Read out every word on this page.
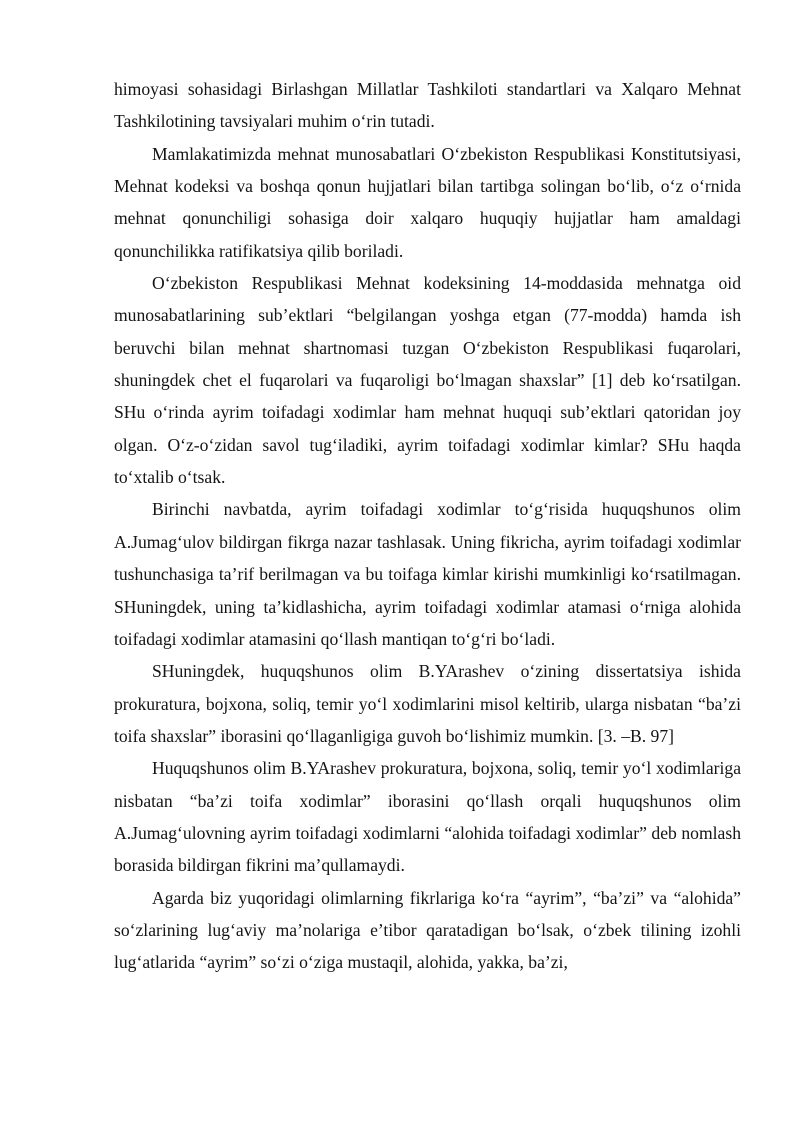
himoyasi sohasidagi Birlashgan Millatlar Tashkiloti standartlari va Xalqaro Mehnat Tashkilotining tavsiyalari muhim o‘rin tutadi.

Mamlakatimizda mehnat munosabatlari O‘zbekiston Respublikasi Konstitutsiyasi, Mehnat kodeksi va boshqa qonun hujjatlari bilan tartibga solingan bo‘lib, o‘z o‘rnida mehnat qonunchiligi sohasiga doir xalqaro huquqiy hujjatlar ham amaldagi qonunchilikka ratifikatsiya qilib boriladi.

O‘zbekiston Respublikasi Mehnat kodeksining 14-moddasida mehnatga oid munosabatlarining sub’ektlari “belgilangan yoshga etgan (77-modda) hamda ish beruvchi bilan mehnat shartnomasi tuzgan O‘zbekiston Respublikasi fuqarolari, shuningdek chet el fuqarolari va fuqaroligi bo‘lmagan shaxslar” [1] deb ko‘rsatilgan. SHu o‘rinda ayrim toifadagi xodimlar ham mehnat huquqi sub’ektlari qatoridan joy olgan. O‘z-o‘zidan savol tug‘iladiki, ayrim toifadagi xodimlar kimlar? SHu haqda to‘xtalib o‘tsak.

Birinchi navbatda, ayrim toifadagi xodimlar to‘g‘risida huquqshunos olim A.Jumag‘ulov bildirgan fikrga nazar tashlasak. Uning fikricha, ayrim toifadagi xodimlar tushunchasiga ta’rif berilmagan va bu toifaga kimlar kirishi mumkinligi ko‘rsatilmagan. SHuningdek, uning ta’kidlashicha, ayrim toifadagi xodimlar atamasi o‘rniga alohida toifadagi xodimlar atamasini qo‘llash mantiqan to‘g‘ri bo‘ladi.

SHuningdek, huquqshunos olim B.YArashev o‘zining dissertatsiya ishida prokuratura, bojxona, soliq, temir yo‘l xodimlarini misol keltirib, ularga nisbatan “ba’zi toifa shaxslar” iborasini qo‘llaganligiga guvoh bo‘lishimiz mumkin. [3. –B. 97]

Huquqshunos olim B.YArashev prokuratura, bojxona, soliq, temir yo‘l xodimlariga nisbatan “ba’zi toifa xodimlar” iborasini qo‘llash orqali huquqshunos olim A.Jumag‘ulovning ayrim toifadagi xodimlarni “alohida toifadagi xodimlar” deb nomlash borasida bildirgan fikrini ma’qullamaydi.

Agarda biz yuqoridagi olimlarning fikrlariga ko‘ra “ayrim”, “ba’zi” va “alohida” so‘zlarining lug‘aviy ma’nolariga e’tibor qaratadigan bo‘lsak, o‘zbek tilining izohli lug‘atlarida “ayrim” so‘zi o‘ziga mustaqil, alohida, yakka, ba’zi,
